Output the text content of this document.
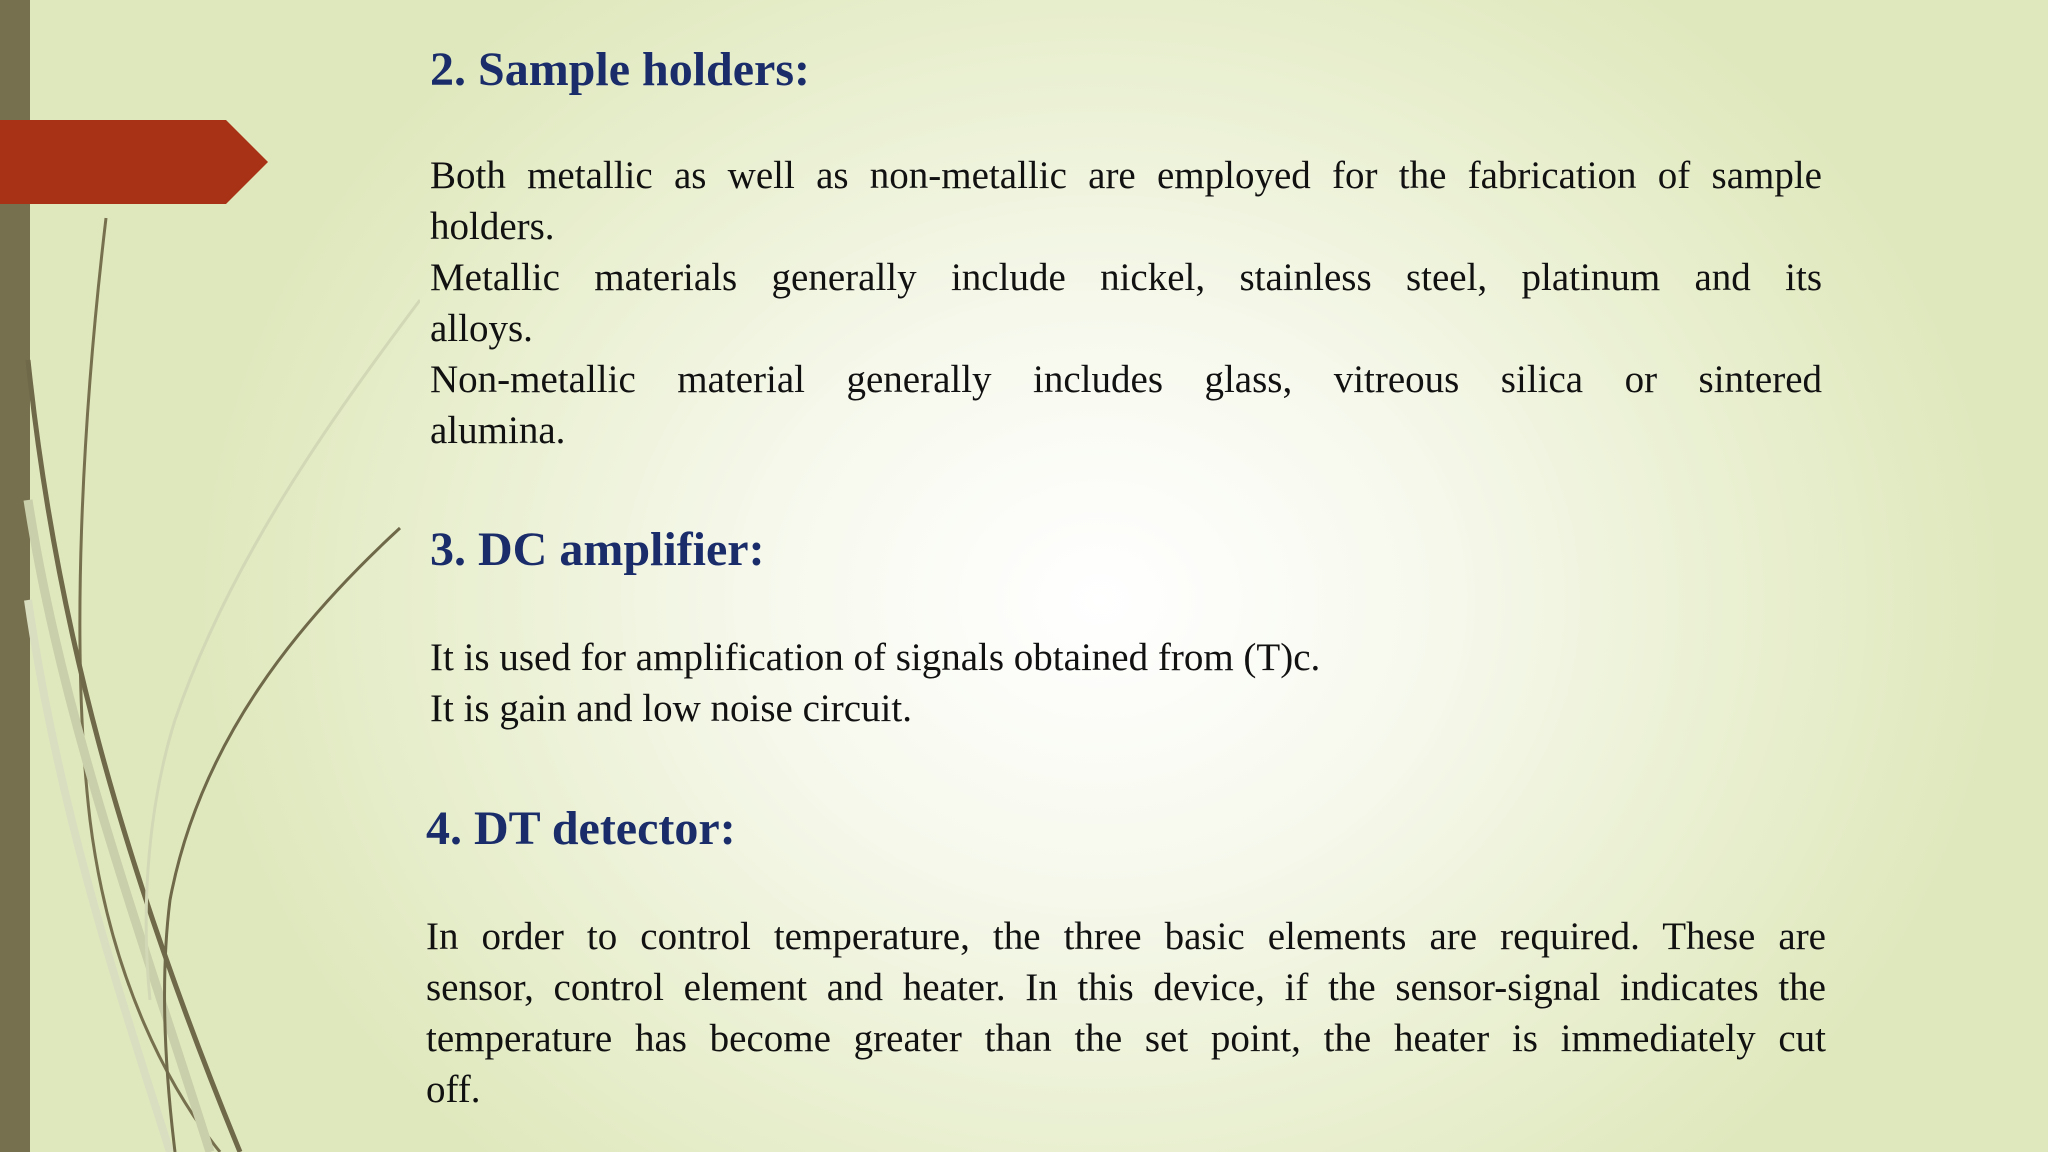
2. Sample holders:
Both metallic as well as non-metallic are employed for the fabrication of sample
holders.
Metallic materials generally include nickel, stainless steel, platinum and its
alloys.
Non-metallic material generally includes glass, vitreous silica or sintered
alumina.
3. DC amplifier:
It is used for amplification of signals obtained from (T)c.
It is gain and low noise circuit.
4. DT detector:
In order to control temperature, the three basic elements are required. These are
sensor, control element and heater. In this device, if the sensor-signal indicates the
temperature has become greater than the set point, the heater is immediately cut
off.
